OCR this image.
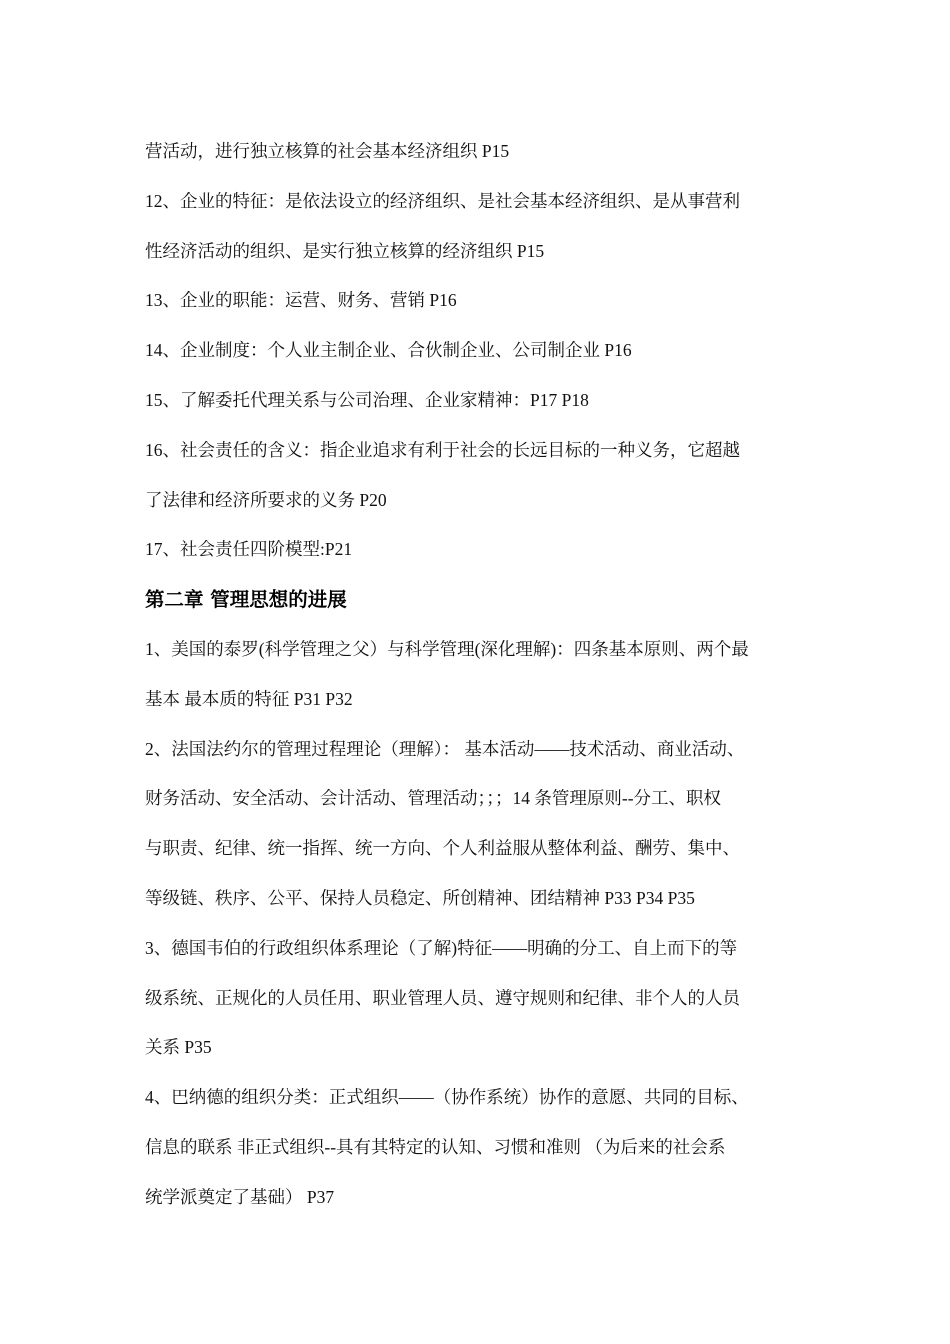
营活动，进行独立核算的社会基本经济组织 P15
12、企业的特征：是依法设立的经济组织、是社会基本经济组织、是从事营利
性经济活动的组织、是实行独立核算的经济组织 P15
13、企业的职能：运营、财务、营销 P16
14、企业制度：个人业主制企业、合伙制企业、公司制企业 P16
15、了解委托代理关系与公司治理、企业家精神：P17 P18
16、社会责任的含义：指企业追求有利于社会的长远目标的一种义务，它超越
了法律和经济所要求的义务 P20
17、社会责任四阶模型:P21
第二章 管理思想的进展
1、美国的泰罗(科学管理之父）与科学管理(深化理解)：四条基本原则、两个最
基本 最本质的特征 P31 P32
2、法国法约尔的管理过程理论（理解）： 基本活动——技术活动、商业活动、
财务活动、安全活动、会计活动、管理活动；；；14 条管理原则--分工、职权
与职责、纪律、统一指挥、统一方向、个人利益服从整体利益、酬劳、集中、
等级链、秩序、公平、保持人员稳定、所创精神、团结精神 P33 P34 P35
3、德国韦伯的行政组织体系理论（了解)特征——明确的分工、自上而下的等
级系统、正规化的人员任用、职业管理人员、遵守规则和纪律、非个人的人员
关系 P35
4、巴纳德的组织分类：正式组织——（协作系统）协作的意愿、共同的目标、
信息的联系 非正式组织--具有其特定的认知、习惯和准则 （为后来的社会系
统学派奠定了基础） P37
